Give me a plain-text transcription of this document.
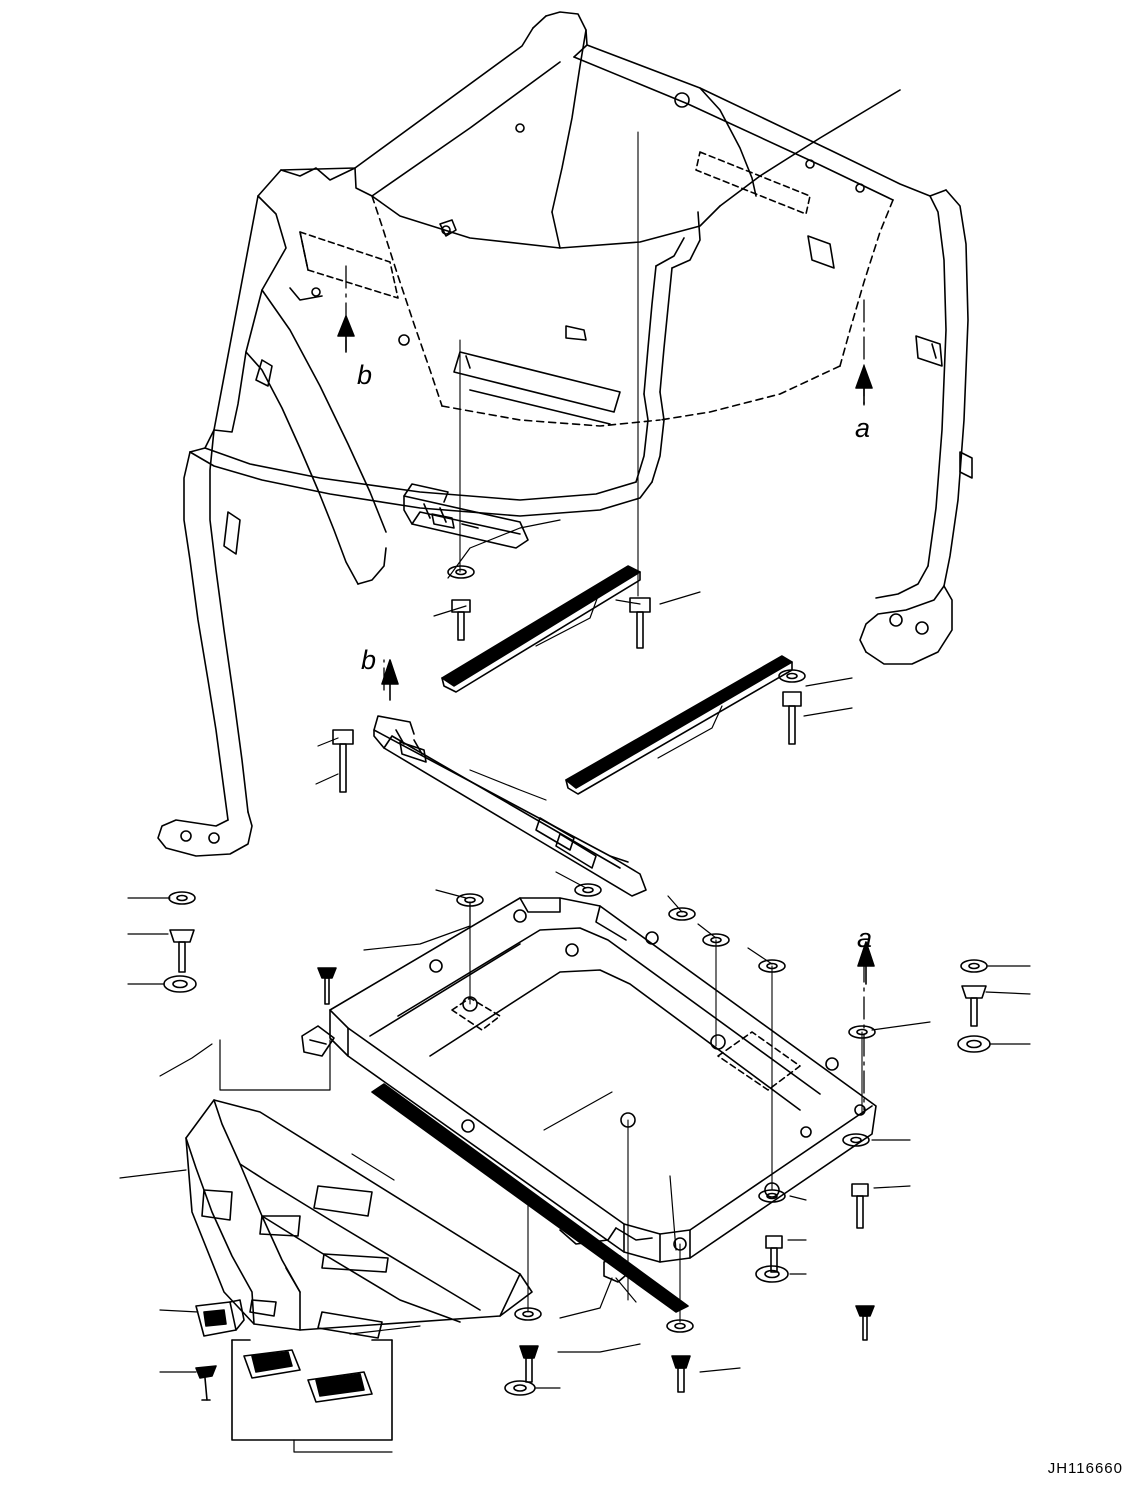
b
a
b
a
JH116660
